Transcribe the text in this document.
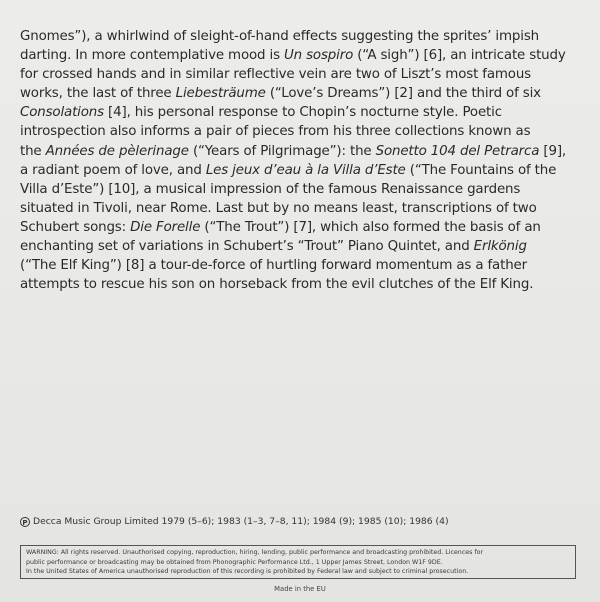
Gnomes”), a whirlwind of sleight-of-hand effects suggesting the sprites’ impish
darting. In more contemplative mood is Un sospiro (“A sigh”) [6], an intricate study
for crossed hands and in similar reflective vein are two of Liszt’s most famous
works, the last of three Liebesträume (“Love’s Dreams”) [2] and the third of six
Consolations [4], his personal response to Chopin’s nocturne style. Poetic
introspection also informs a pair of pieces from his three collections known as
the Années de pèlerinage (“Years of Pilgrimage”): the Sonetto 104 del Petrarca [9],
a radiant poem of love, and Les jeux d’eau à la Villa d’Este (“The Fountains of the
Villa d’Este”) [10], a musical impression of the famous Renaissance gardens
situated in Tivoli, near Rome. Last but by no means least, transcriptions of two
Schubert songs: Die Forelle (“The Trout”) [7], which also formed the basis of an
enchanting set of variations in Schubert’s “Trout” Piano Quintet, and Erlkönig
(“The Elf King”) [8] a tour-de-force of hurtling forward momentum as a father
attempts to rescue his son on horseback from the evil clutches of the Elf King.
P Decca Music Group Limited 1979 (5–6); 1983 (1–3, 7–8, 11); 1984 (9); 1985 (10); 1986 (4)
WARNING: All rights reserved. Unauthorised copying, reproduction, hiring, lending, public performance and broadcasting prohibited. Licences for
public performance or broadcasting may be obtained from Phonographic Performance Ltd., 1 Upper James Street, London W1F 9DE.
In the United States of America unauthorised reproduction of this recording is prohibited by Federal law and subject to criminal prosecution.
Made in the EU
